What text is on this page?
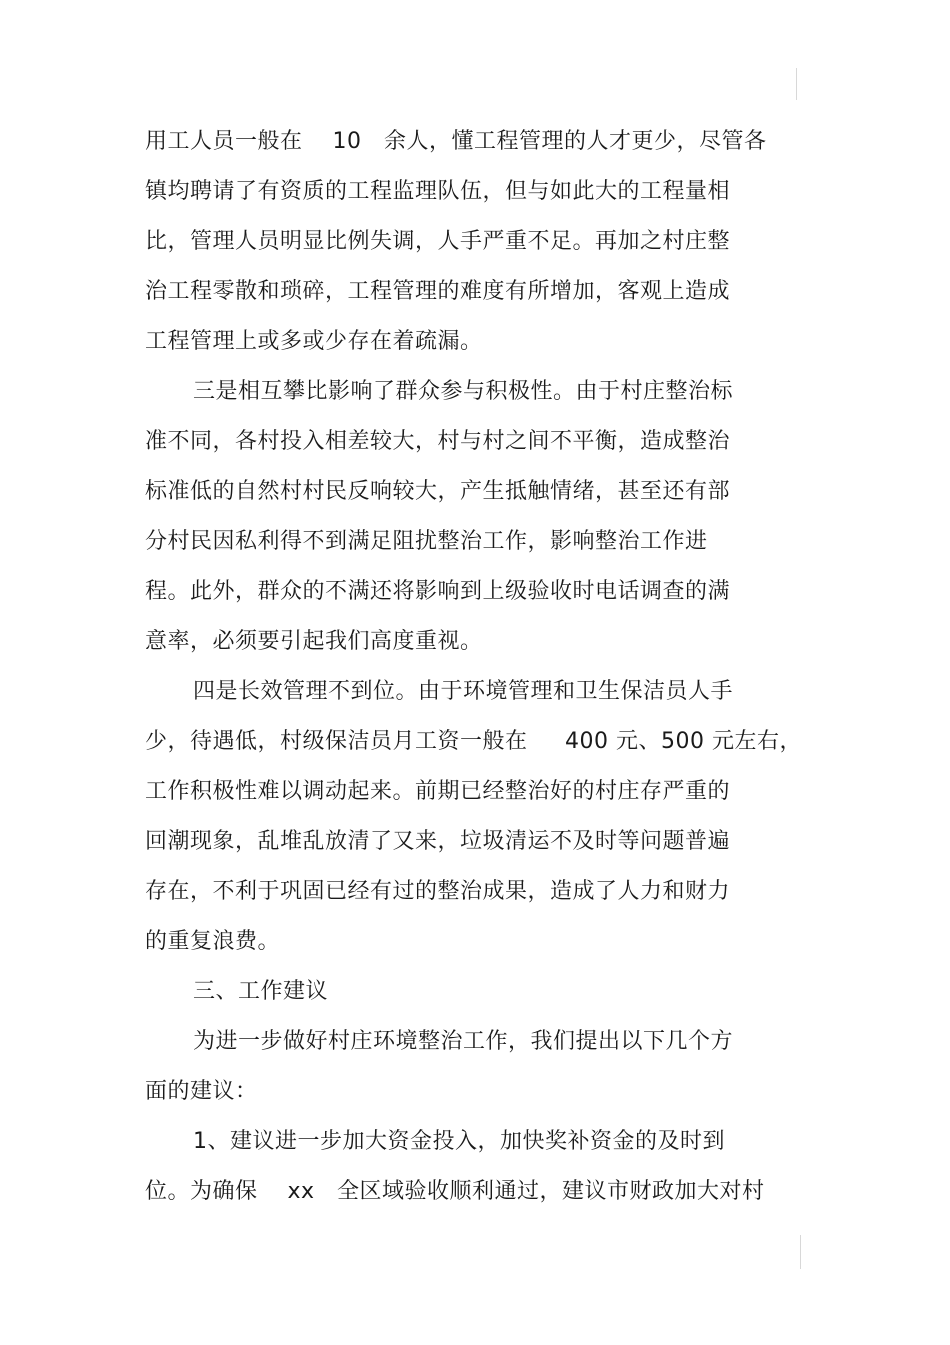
用工人员一般在 　10　余人，懂工程管理的人才更少，尽管各
镇均聘请了有资质的工程监理队伍，但与如此大的工程量相
比，管理人员明显比例失调，人手严重不足。再加之村庄整
治工程零散和琐碎，工程管理的难度有所增加，客观上造成
工程管理上或多或少存在着疏漏。
三是相互攀比影响了群众参与积极性。由于村庄整治标
准不同，各村投入相差较大，村与村之间不平衡，造成整治
标准低的自然村村民反响较大，产生抵触情绪，甚至还有部
分村民因私利得不到满足阻扰整治工作，影响整治工作进
程。此外，群众的不满还将影响到上级验收时电话调查的满
意率，必须要引起我们高度重视。
四是长效管理不到位。由于环境管理和卫生保洁员人手
少，待遇低，村级保洁员月工资一般在 　 400 元、500 元左右，
工作积极性难以调动起来。前期已经整治好的村庄存严重的
回潮现象，乱堆乱放清了又来，垃圾清运不及时等问题普遍
存在，不利于巩固已经有过的整治成果，造成了人力和财力
的重复浪费。
三、工作建议
为进一步做好村庄环境整治工作，我们提出以下几个方
面的建议：
1、建议进一步加大资金投入，加快奖补资金的及时到
位。为确保 　xx　全区域验收顺利通过，建议市财政加大对村
